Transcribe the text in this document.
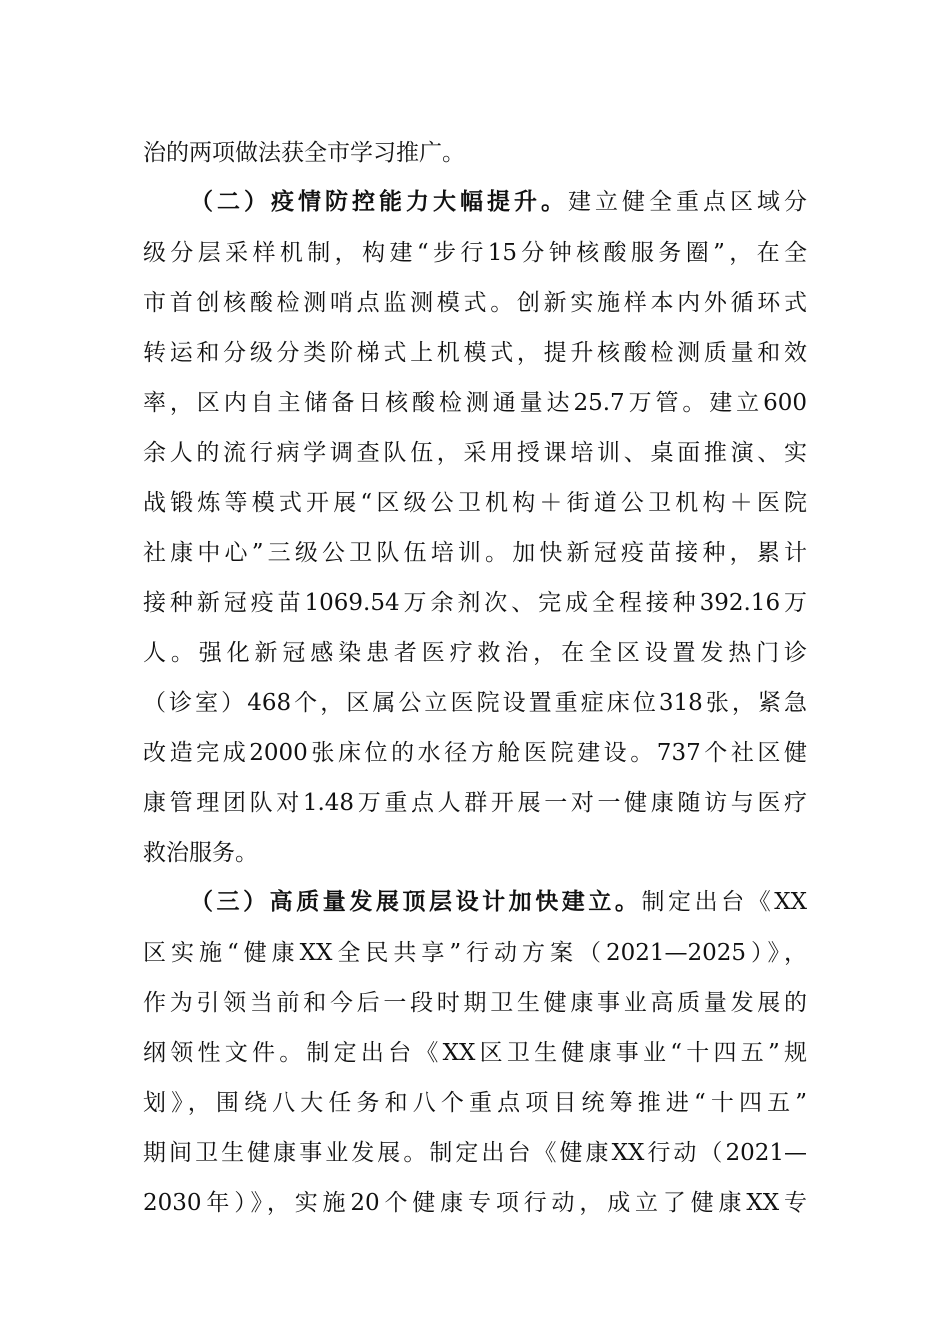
治的两项做法获全市学习推广。
（二）疫情防控能力大幅提升。建立健全重点区域分
级分层采样机制，构建“步行15分钟核酸服务圈”，在全
市首创核酸检测哨点监测模式。创新实施样本内外循环式
转运和分级分类阶梯式上机模式，提升核酸检测质量和效
率，区内自主储备日核酸检测通量达25.7万管。建立600
余人的流行病学调查队伍，采用授课培训、桌面推演、实
战锻炼等模式开展“区级公卫机构＋街道公卫机构＋医院
社康中心”三级公卫队伍培训。加快新冠疫苗接种，累计
接种新冠疫苗1069.54万余剂次、完成全程接种392.16万
人。强化新冠感染患者医疗救治，在全区设置发热门诊
（诊室）468个，区属公立医院设置重症床位318张，紧急
改造完成2000张床位的水径方舱医院建设。737个社区健
康管理团队对1.48万重点人群开展一对一健康随访与医疗
救治服务。
（三）高质量发展顶层设计加快建立。制定出台《XX
区实施“健康XX全民共享”行动方案（2021—2025）》，
作为引领当前和今后一段时期卫生健康事业高质量发展的
纲领性文件。制定出台《XX区卫生健康事业“十四五”规
划》，围绕八大任务和八个重点项目统筹推进“十四五”
期间卫生健康事业发展。制定出台《健康XX行动（2021—
2030年）》，实施20个健康专项行动，成立了健康XX专
